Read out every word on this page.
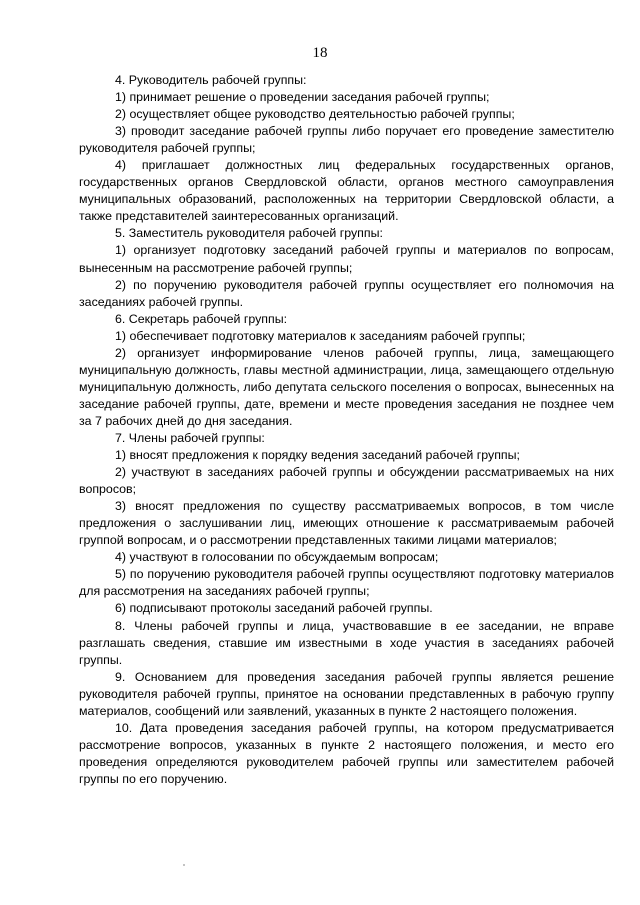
18

4. Руководитель рабочей группы:

1) принимает решение о проведении заседания рабочей группы;

2) осуществляет общее руководство деятельностью рабочей группы;

3) проводит заседание рабочей группы либо поручает его проведение заместителю руководителя рабочей группы;

4) приглашает должностных лиц федеральных государственных органов, государственных органов Свердловской области, органов местного самоуправления муниципальных образований, расположенных на территории Свердловской области, а также представителей заинтересованных организаций.

5. Заместитель руководителя рабочей группы:

1) организует подготовку заседаний рабочей группы и материалов по вопросам, вынесенным на рассмотрение рабочей группы;

2) по поручению руководителя рабочей группы осуществляет его полномочия на заседаниях рабочей группы.

6. Секретарь рабочей группы:

1) обеспечивает подготовку материалов к заседаниям рабочей группы;

2) организует информирование членов рабочей группы, лица, замещающего муниципальную должность, главы местной администрации, лица, замещающего отдельную муниципальную должность, либо депутата сельского поселения о вопросах, вынесенных на заседание рабочей группы, дате, времени и месте проведения заседания не позднее чем за 7 рабочих дней до дня заседания.

7. Члены рабочей группы:

1) вносят предложения к порядку ведения заседаний рабочей группы;

2) участвуют в заседаниях рабочей группы и обсуждении рассматриваемых на них вопросов;

3) вносят предложения по существу рассматриваемых вопросов, в том числе предложения о заслушивании лиц, имеющих отношение к рассматриваемым рабочей группой вопросам, и о рассмотрении представленных такими лицами материалов;

4) участвуют в голосовании по обсуждаемым вопросам;

5) по поручению руководителя рабочей группы осуществляют подготовку материалов для рассмотрения на заседаниях рабочей группы;

6) подписывают протоколы заседаний рабочей группы.

8. Члены рабочей группы и лица, участвовавшие в ее заседании, не вправе разглашать сведения, ставшие им известными в ходе участия в заседаниях рабочей группы.

9. Основанием для проведения заседания рабочей группы является решение руководителя рабочей группы, принятое на основании представленных в рабочую группу материалов, сообщений или заявлений, указанных в пункте 2 настоящего положения.

10. Дата проведения заседания рабочей группы, на котором предусматривается рассмотрение вопросов, указанных в пункте 2 настоящего положения, и место его проведения определяются руководителем рабочей группы или заместителем рабочей группы по его поручению.
